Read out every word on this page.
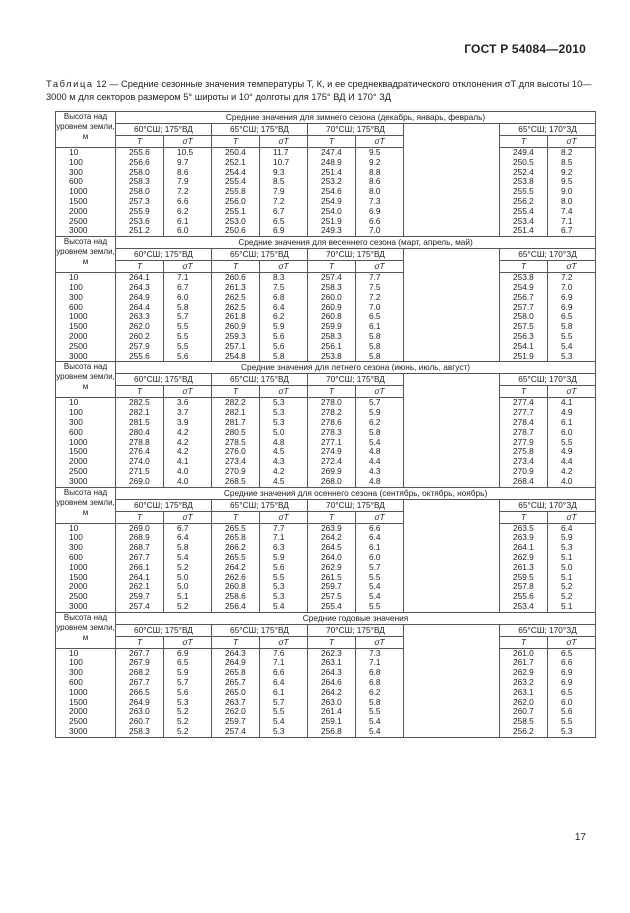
ГОСТ Р 54084—2010
Таблица 12 — Средние сезонные значения температуры T, К, и ее среднеквадратического отклонения σT для высоты 10—3000 м для секторов размером 5° широты и 10° долготы для 175° ВД И 170° ЗД
Высота над уровнем земли, м	Средние значения для зимнего сезона (декабрь, январь, февраль)								
	60°СШ; 175°ВД		65°СШ; 175°ВД		70°СШ; 175°ВД			65°СШ; 170°ЗД	
	T	σT	T	σT	T	σT		T	σT
10	255.6	10.5	250.4	11.7	247.4	9.5		249.4	8.2
100	256.6	9.7	252.1	10.7	248.9	9.2		250.5	8.5
300	258.0	8.6	254.4	9.3	251.4	8.8		252.4	9.2
600	258.3	7.9	255.4	8.5	253.2	8.6		253.8	9.5
1000	258.0	7.2	255.8	7.9	254.6	8.0		255.5	9.0
1500	257.3	6.6	256.0	7.2	254.9	7.3		256.2	8.0
2000	255.9	6.2	255.1	6.7	254.0	6.9		255.4	7.4
2500	253.6	6.1	253.0	6.5	251.9	6.6		253.4	7.1
3000	251.2	6.0	250.6	6.9	249.3	7.0		251.4	6.7
Высота над уровнем земли, м	Средние значения для весеннего сезона (март, апрель, май)								
	60°СШ; 175°ВД		65°СШ; 175°ВД		70°СШ; 175°ВД			65°СШ; 170°ЗД	
	T	σT	T	σT	T	σT		T	σT
10	264.1	7.1	260.6	8.3	257.4	7.7		253.8	7.2
100	264.3	6.7	261.3	7.5	258.3	7.5		254.9	7.0
300	264.9	6.0	262.5	6.8	260.0	7.2		256.7	6.9
600	264.4	5.8	262.5	6.4	260.9	7.0		257.7	6.9
1000	263.3	5.7	261.8	6.2	260.8	6.5		258.0	6.5
1500	262.0	5.5	260.9	5.9	259.9	6.1		257.5	5.8
2000	260.2	5.5	259.3	5.6	258.3	5.8		256.3	5.5
2500	257.9	5.5	257.1	5.6	256.1	5.8		254.1	5.4
3000	255.6	5.6	254.8	5.8	253.8	5.8		251.9	5.3
Высота над уровнем земли, м	Средние значения для летнего сезона (июнь, июль, август)								
	60°СШ; 175°ВД		65°СШ; 175°ВД		70°СШ; 175°ВД			65°СШ; 170°ЗД	
	T	σT	T	σT	T	σT		T	σT
10	282.5	3.6	282.2	5.3	278.0	5.7		277.4	4.1
100	282.1	3.7	282.1	5.3	278.2	5.9		277.7	4.9
300	281.5	3.9	281.7	5.3	278.6	6.2		278.4	6.1
600	280.4	4.2	280.5	5.0	278.3	5.8		278.7	6.0
1000	278.8	4.2	278.5	4.8	277.1	5.4		277.9	5.5
1500	276.4	4.2	276.0	4.5	274.9	4.8		275.8	4.9
2000	274.0	4.1	273.4	4.3	272.4	4.4		273.4	4.4
2500	271.5	4.0	270.9	4.2	269.9	4.3		270.9	4.2
3000	269.0	4.0	268.5	4.5	268.0	4.8		268.4	4.0
Высота над уровнем земли, м	Средние значения для осеннего сезона (сентябрь, октябрь, ноябрь)								
	60°СШ; 175°ВД		65°СШ; 175°ВД		70°СШ; 175°ВД			65°СШ; 170°ЗД	
	T	σT	T	σT	T	σT		T	σT
10	269.0	6.7	265.5	7.7	263.9	6.6		263.5	6.4
100	268.9	6.4	265.8	7.1	264.2	6.4		263.9	5.9
300	268.7	5.8	266.2	6.3	264.5	6.1		264.1	5.3
600	267.7	5.4	265.5	5.9	264.0	6.0		262.9	5.1
1000	266.1	5.2	264.2	5.6	262.9	5.7		261.3	5.0
1500	264.1	5.0	262.6	5.5	261.5	5.5		259.5	5.1
2000	262.1	5.0	260.8	5.3	259.7	5.4		257.8	5.2
2500	259.7	5.1	258.6	5.3	257.5	5.4		255.6	5.2
3000	257.4	5.2	256.4	5.4	255.4	5.5		253.4	5.1
Высота над уровнем земли, м	Средние годовые значения								
	60°СШ; 175°ВД		65°СШ; 175°ВД		70°СШ; 175°ВД			65°СШ; 170°ЗД	
	T	σT	T	σT	T	σT		T	σT
10	267.7	6.9	264.3	7.6	262.3	7.3		261.0	6.5
100	267.9	6.5	264.9	7.1	263.1	7.1		261.7	6.6
300	268.2	5.9	265.8	6.6	264.3	6.8		262.9	6.9
600	267.7	5.7	265.7	6.4	264.6	6.8		263.2	6.9
1000	266.5	5.6	265.0	6.1	264.2	6.2		263.1	6.5
1500	264.9	5.3	263.7	5.7	263.0	5.8		262.0	6.0
2000	263.0	5.2	262.0	5.5	261.4	5.5		260.7	5.6
2500	260.7	5.2	259.7	5.4	259.1	5.4		258.5	5.5
3000	258.3	5.2	257.4	5.3	256.8	5.4		256.2	5.3
17
